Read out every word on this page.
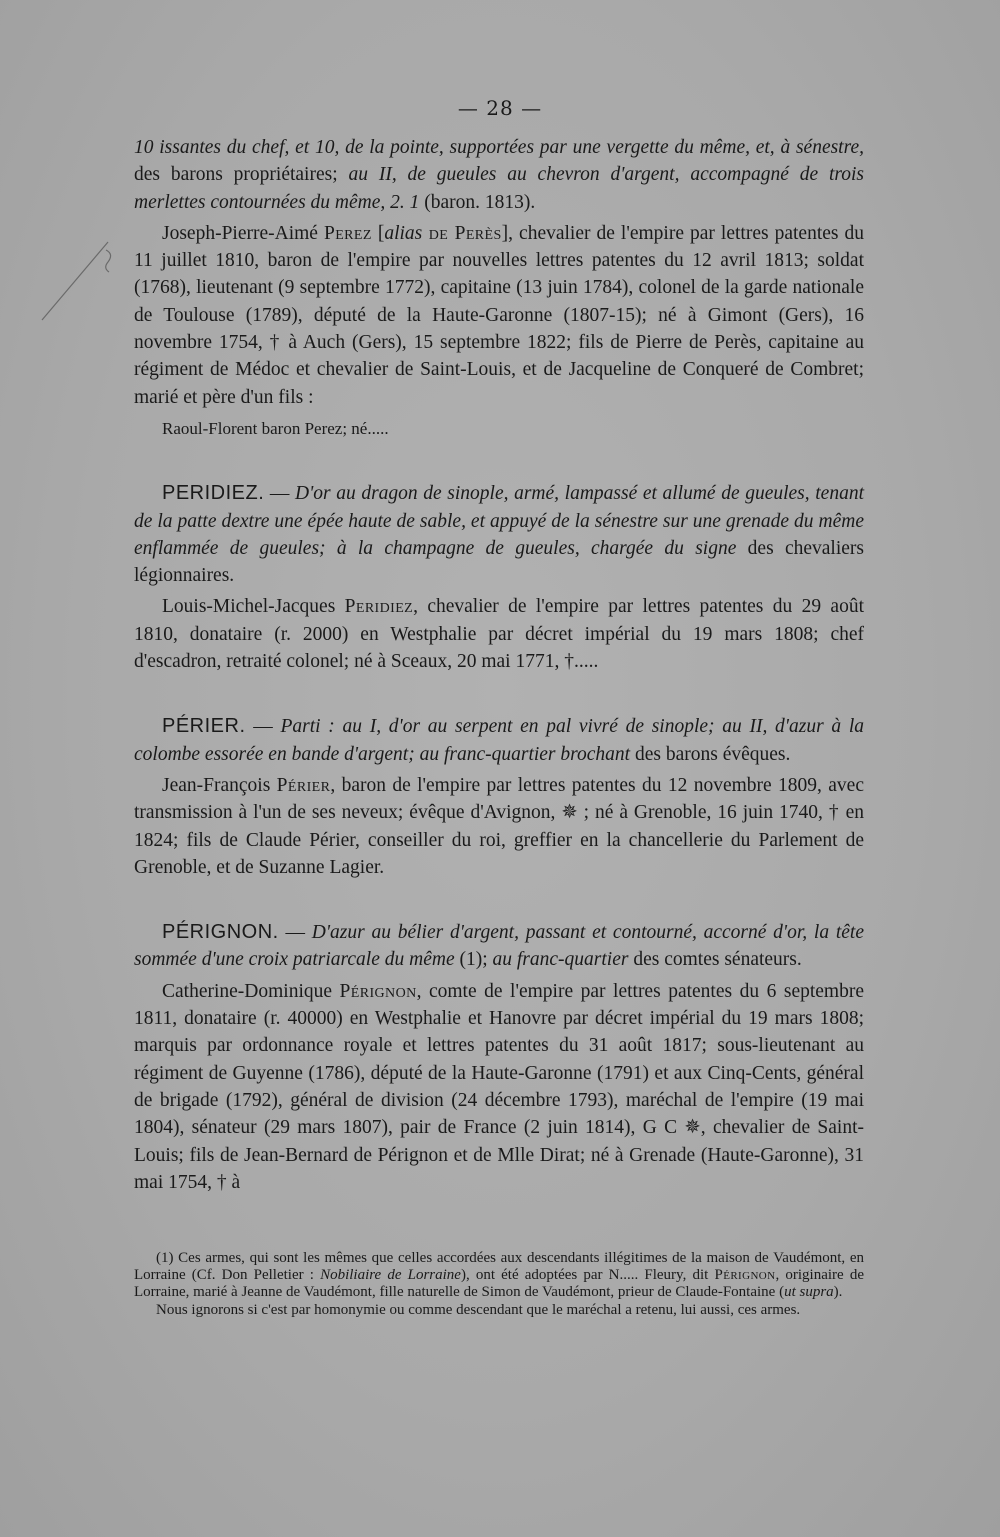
— 28 —

10 issantes du chef, et 10, de la pointe, supportées par une vergette du même, et, à sénestre, des barons propriétaires; au II, de gueules au chevron d'argent, accompagné de trois merlettes contournées du même, 2. 1 (baron. 1813).

Joseph-Pierre-Aimé Perez [alias de Perès], chevalier de l'empire par lettres patentes du 11 juillet 1810, baron de l'empire par nouvelles lettres patentes du 12 avril 1813; soldat (1768), lieutenant (9 septembre 1772), capitaine (13 juin 1784), colonel de la garde nationale de Toulouse (1789), député de la Haute-Garonne (1807-15); né à Gimont (Gers), 16 novembre 1754, † à Auch (Gers), 15 septembre 1822; fils de Pierre de Perès, capitaine au régiment de Médoc et chevalier de Saint-Louis, et de Jacqueline de Conqueré de Combret; marié et père d'un fils :

Raoul-Florent baron Perez; né.....

PERIDIEZ. — D'or au dragon de sinople, armé, lampassé et allumé de gueules, tenant de la patte dextre une épée haute de sable, et appuyé de la sénestre sur une grenade du même enflammée de gueules; à la champagne de gueules, chargée du signe des chevaliers légionnaires.

Louis-Michel-Jacques Peridiez, chevalier de l'empire par lettres patentes du 29 août 1810, donataire (r. 2000) en Westphalie par décret impérial du 19 mars 1808; chef d'escadron, retraité colonel; né à Sceaux, 20 mai 1771, †.....

PÉRIER. — Parti : au I, d'or au serpent en pal vivré de sinople; au II, d'azur à la colombe essorée en bande d'argent; au franc-quartier brochant des barons évêques.

Jean-François Périer, baron de l'empire par lettres patentes du 12 novembre 1809, avec transmission à l'un de ses neveux; évêque d'Avignon, ✵ ; né à Grenoble, 16 juin 1740, † en 1824; fils de Claude Périer, conseiller du roi, greffier en la chancellerie du Parlement de Grenoble, et de Suzanne Lagier.

PÉRIGNON. — D'azur au bélier d'argent, passant et contourné, accorné d'or, la tête sommée d'une croix patriarcale du même (1); au franc-quartier des comtes sénateurs.

Catherine-Dominique Pérignon, comte de l'empire par lettres patentes du 6 septembre 1811, donataire (r. 40000) en Westphalie et Hanovre par décret impérial du 19 mars 1808; marquis par ordonnance royale et lettres patentes du 31 août 1817; sous-lieutenant au régiment de Guyenne (1786), député de la Haute-Garonne (1791) et aux Cinq-Cents, général de brigade (1792), général de division (24 décembre 1793), maréchal de l'empire (19 mai 1804), sénateur (29 mars 1807), pair de France (2 juin 1814), G C ✵, chevalier de Saint-Louis; fils de Jean-Bernard de Pérignon et de Mlle Dirat; né à Grenade (Haute-Garonne), 31 mai 1754, † à

(1) Ces armes, qui sont les mêmes que celles accordées aux descendants illégitimes de la maison de Vaudémont, en Lorraine (Cf. Don Pelletier : Nobiliaire de Lorraine), ont été adoptées par N..... Fleury, dit Pérignon, originaire de Lorraine, marié à Jeanne de Vaudémont, fille naturelle de Simon de Vaudémont, prieur de Claude-Fontaine (ut supra).

Nous ignorons si c'est par homonymie ou comme descendant que le maréchal a retenu, lui aussi, ces armes.
